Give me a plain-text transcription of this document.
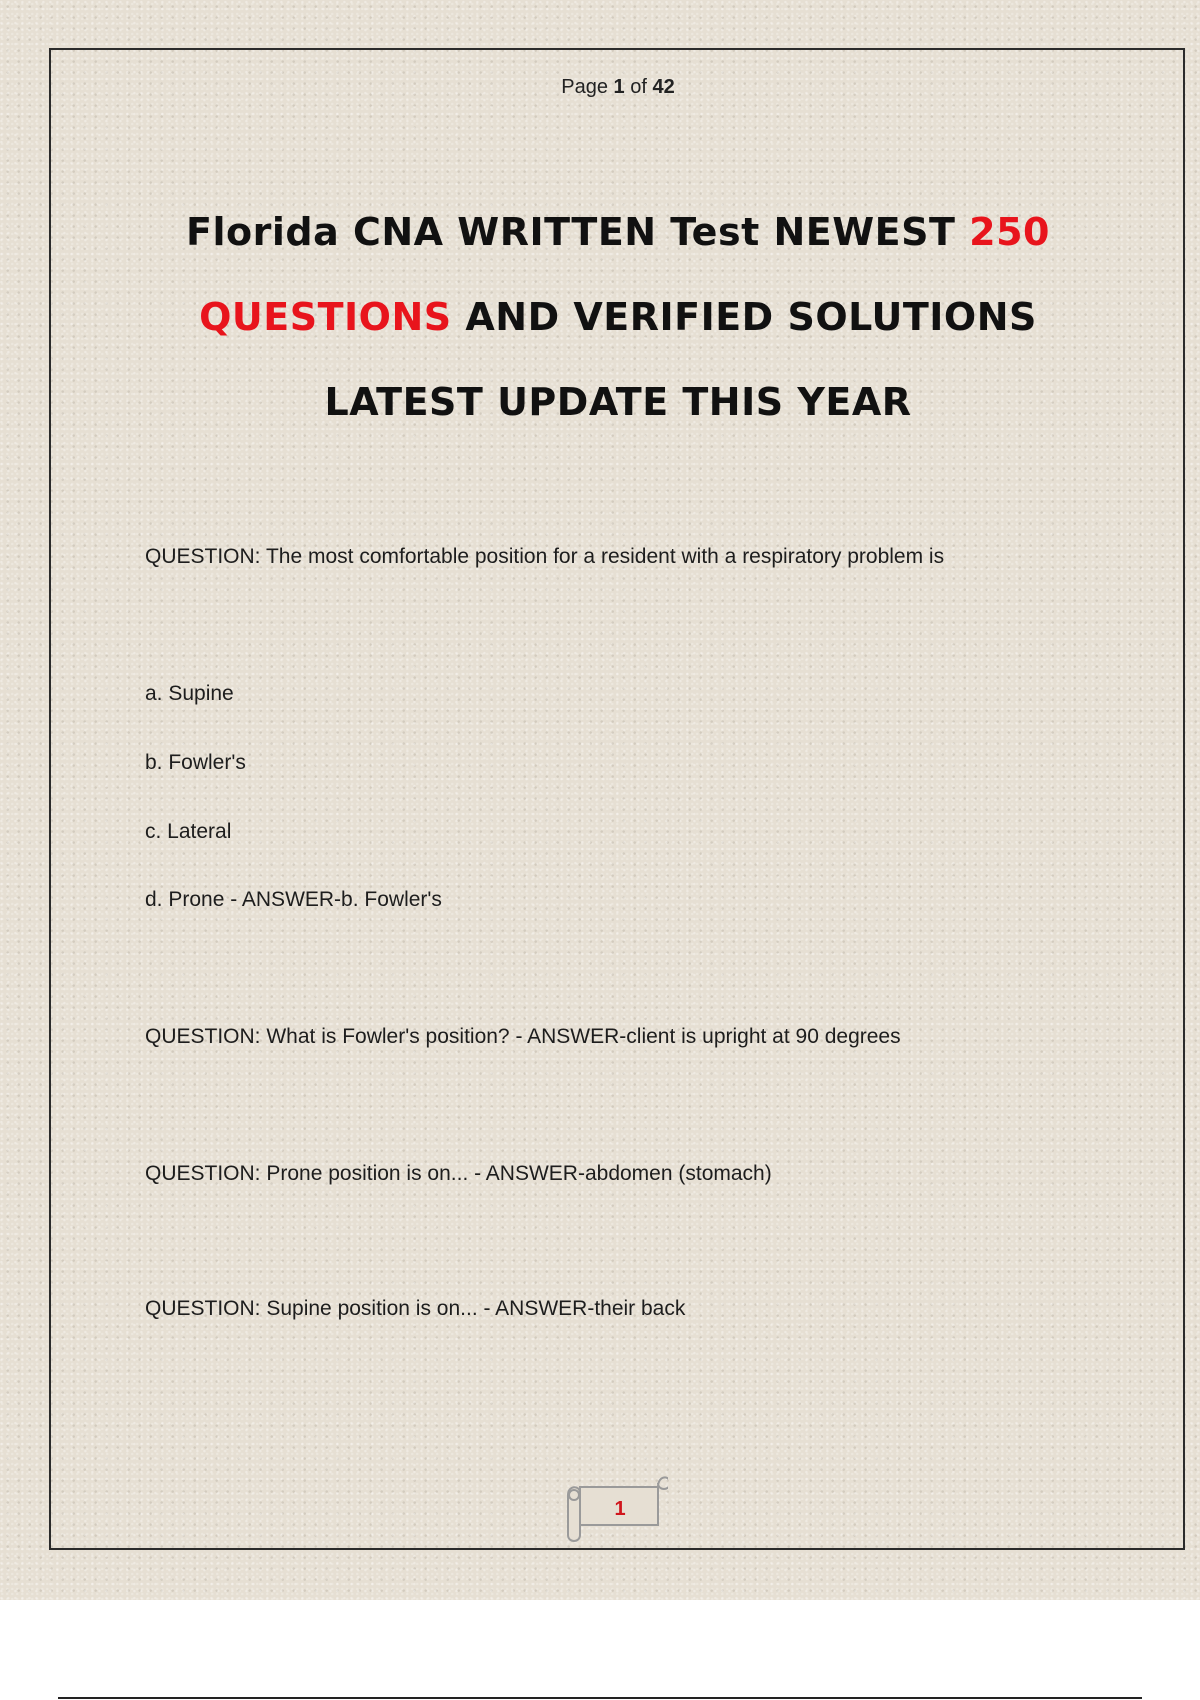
Page 1 of 42
Florida CNA WRITTEN Test NEWEST 250
QUESTIONS AND VERIFIED SOLUTIONS
LATEST UPDATE THIS YEAR
QUESTION: The most comfortable position for a resident with a respiratory problem is
a. Supine
b. Fowler's
c. Lateral
d. Prone - ANSWER-b. Fowler's
QUESTION: What is Fowler's position? - ANSWER-client is upright at 90 degrees
QUESTION: Prone position is on... - ANSWER-abdomen (stomach)
QUESTION: Supine position is on... - ANSWER-their back
1
